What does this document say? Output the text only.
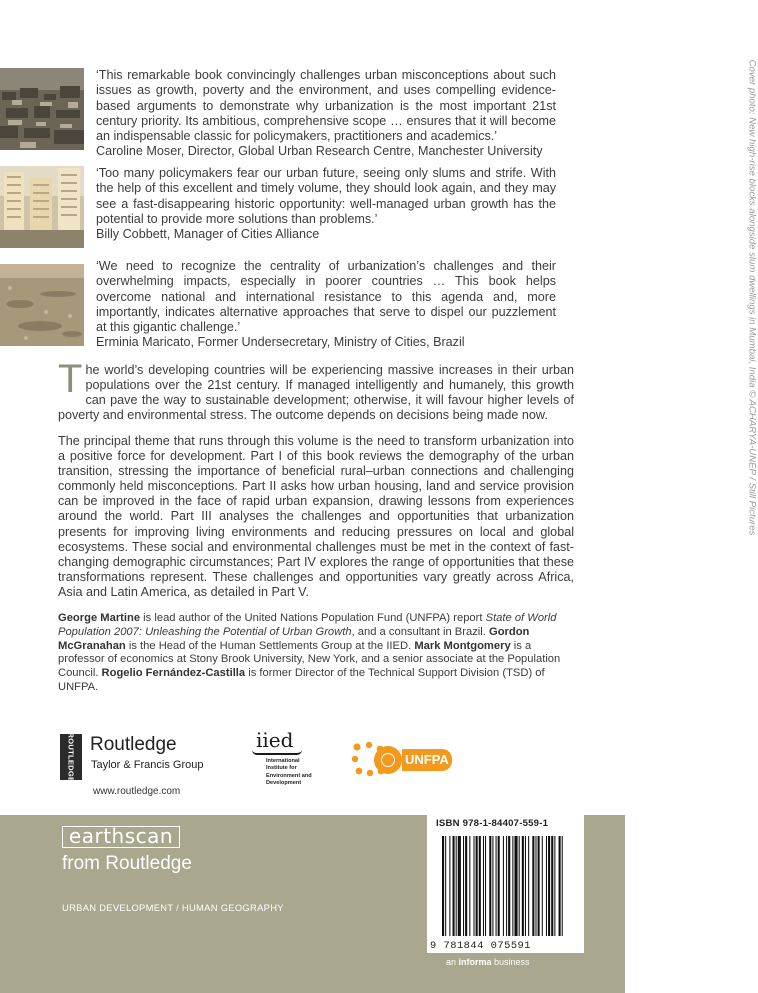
‘This remarkable book convincingly challenges urban misconceptions about such issues as growth, poverty and the environment, and uses compelling evidence-based arguments to demonstrate why urbanization is the most important 21st century priority. Its ambitious, comprehensive scope … ensures that it will become an indispensable classic for policymakers, practitioners and academics.’
Caroline Moser, Director, Global Urban Research Centre, Manchester University
‘Too many policymakers fear our urban future, seeing only slums and strife. With the help of this excellent and timely volume, they should look again, and they may see a fast-disappearing historic opportunity: well-managed urban growth has the potential to provide more solutions than problems.’
Billy Cobbett, Manager of Cities Alliance
‘We need to recognize the centrality of urbanization’s challenges and their overwhelming impacts, especially in poorer countries … This book helps overcome national and international resistance to this agenda and, more importantly, indicates alternative approaches that serve to dispel our puzzlement at this gigantic challenge.’
Erminia Maricato, Former Undersecretary, Ministry of Cities, Brazil	Cover photo: New high-rise blocks alongside slum dwellings in Mumbai, India © ACHARYA-UNEP / Still Pictures
T he world’s developing countries will be experiencing massive increases in their urban populations over the 21st century. If managed intelligently and humanely, this growth can pave the way to sustainable development; otherwise, it will favour higher levels of poverty and environmental stress. The outcome depends on decisions being made now.
The principal theme that runs through this volume is the need to transform urbanization into a positive force for development. Part I of this book reviews the demography of the urban transition, stressing the importance of beneficial rural–urban connections and challenging commonly held misconceptions. Part II asks how urban housing, land and service provision can be improved in the face of rapid urban expansion, drawing lessons from experiences around the world. Part III analyses the challenges and opportunities that urbanization presents for improving living environments and reducing pressures on local and global ecosystems. These social and environmental challenges must be met in the context of fast-changing demographic circumstances; Part IV explores the range of opportunities that these transformations represent. These challenges and opportunities vary greatly across Africa, Asia and Latin America, as detailed in Part V.
George Martine is lead author of the United Nations Population Fund (UNFPA) report State of World Population 2007: Unleashing the Potential of Urban Growth, and a consultant in Brazil. Gordon McGranahan is the Head of the Human Settlements Group at the IIED. Mark Montgomery is a professor of economics at Stony Brook University, New York, and a senior associate at the Population Council. Rogelio Fernández-Castilla is former Director of the Technical Support Division (TSD) of UNFPA.
ROUTLEDGE Routledge
Taylor & Francis Group
www.routledge.com
iied
International
Institute for
Environment and
Development
UNFPA
earthscan
from Routledge
URBAN DEVELOPMENT / HUMAN GEOGRAPHY
ISBN 978-1-84407-559-1
9 781844 075591
an informa business
